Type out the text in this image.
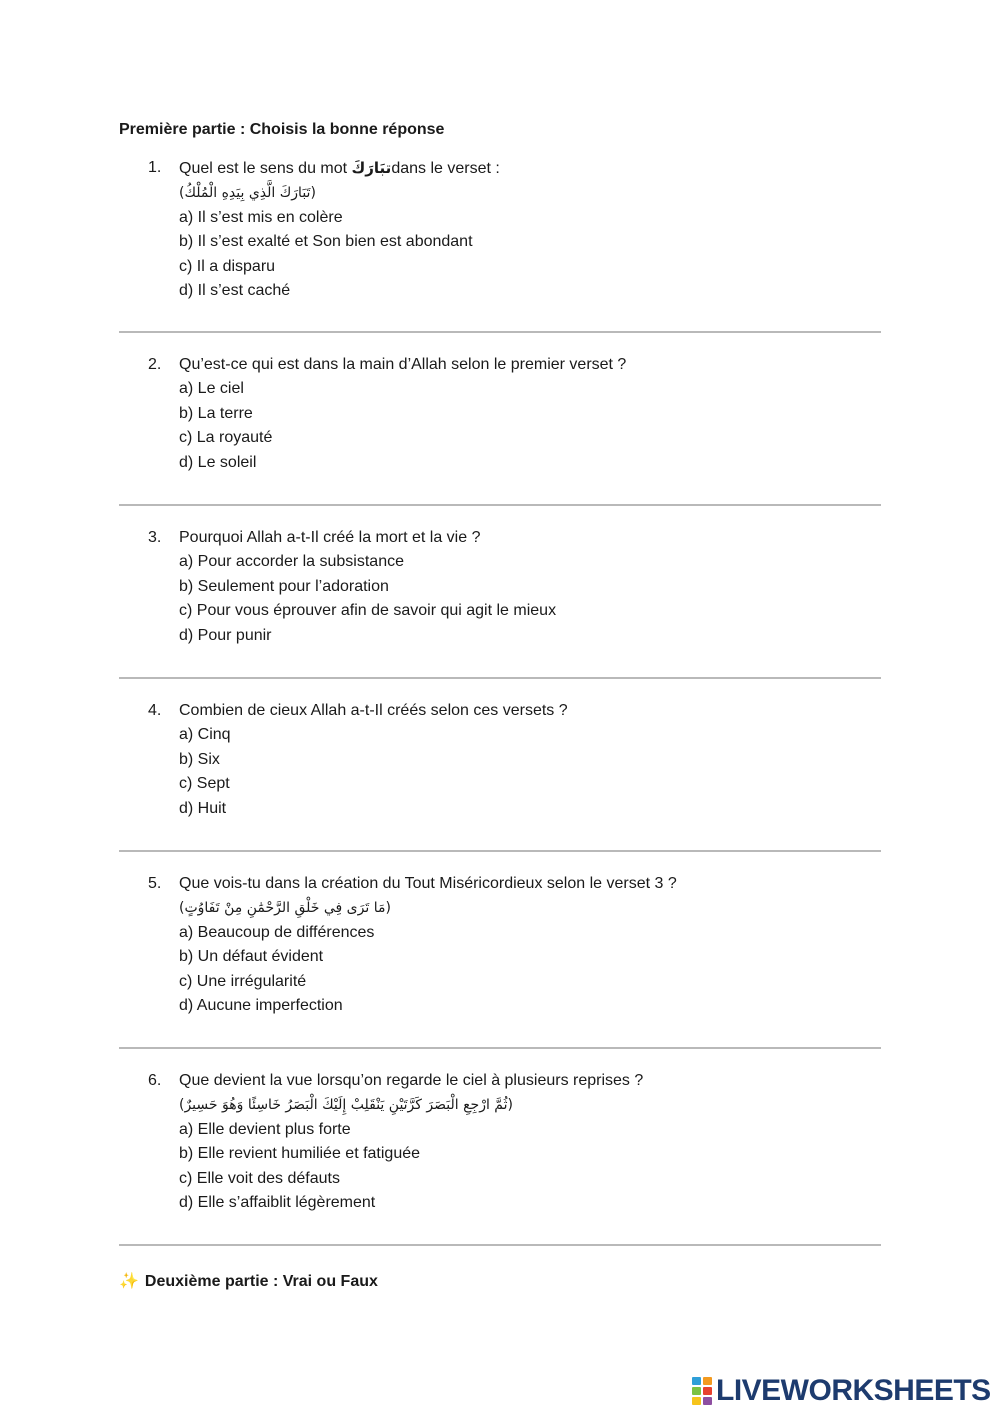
Première partie : Choisis la bonne réponse
1.	Quel est le sens du mot تبَارَكَdans le verset :
(تَبَارَكَ الَّذِي بِيَدِهِ الْمُلْكُ)
a) Il s’est mis en colère
b) Il s’est exalté et Son bien est abondant
c) Il a disparu
d) Il s’est caché
2.	Qu’est-ce qui est dans la main d’Allah selon le premier verset ?
a) Le ciel
b) La terre
c) La royauté
d) Le soleil
3.	Pourquoi Allah a-t-Il créé la mort et la vie ?
a) Pour accorder la subsistance
b) Seulement pour l’adoration
c) Pour vous éprouver afin de savoir qui agit le mieux
d) Pour punir
4.	Combien de cieux Allah a-t-Il créés selon ces versets ?
a) Cinq
b) Six
c) Sept
d) Huit
5.	Que vois-tu dans la création du Tout Miséricordieux selon le verset 3 ?
(مَا تَرَى فِي خَلْقِ الرَّحْمَٰنِ مِنْ تَفَاوُتٍ)
a) Beaucoup de différences
b) Un défaut évident
c) Une irrégularité
d) Aucune imperfection
6.	Que devient la vue lorsqu’on regarde le ciel à plusieurs reprises ?
(ثُمَّ ارْجِعِ الْبَصَرَ كَرَّتَيْنِ يَنْقَلِبْ إِلَيْكَ الْبَصَرُ خَاسِئًا وَهُوَ حَسِيرٌ)
a) Elle devient plus forte
b) Elle revient humiliée et fatiguée
c) Elle voit des défauts
d) Elle s’affaiblit légèrement
✨ Deuxième partie : Vrai ou Faux
LIVEWORKSHEETS
